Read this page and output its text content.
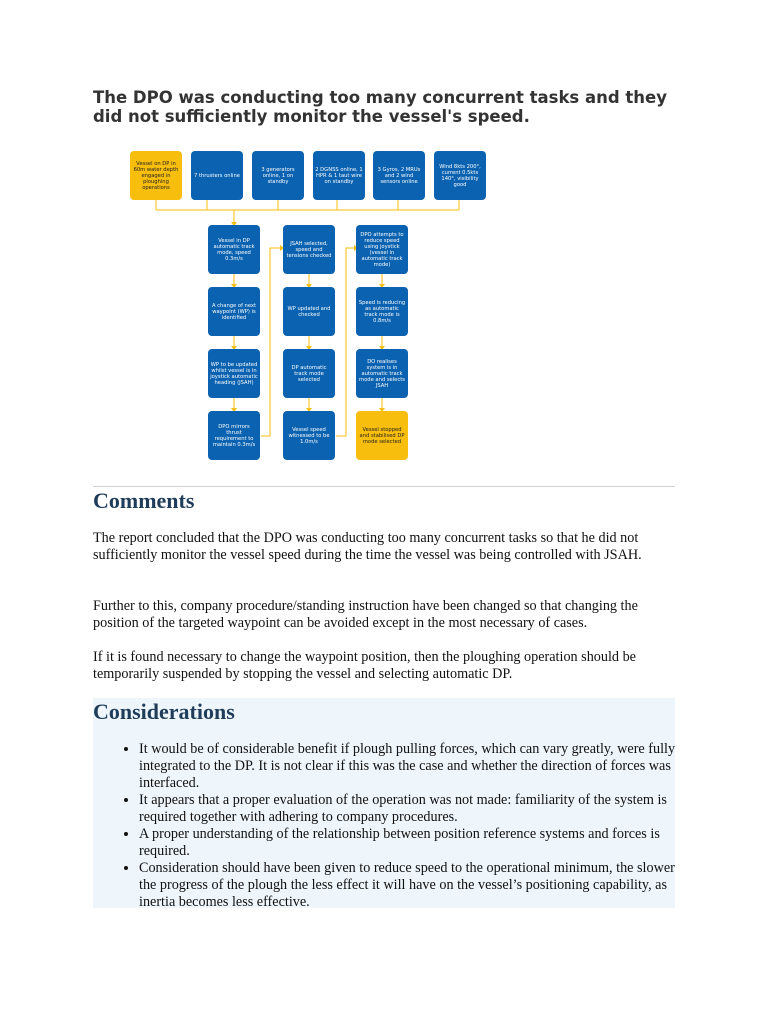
The DPO was conducting too many concurrent tasks and they did not sufficiently monitor the vessel's speed.
Vessel on DP in 60m water depth engaged in ploughing operations
7 thrusters online
3 generators online, 1 on standby
2 DGNSS online, 1 HPR & 1 taut wire on standby
3 Gyros, 2 MRUs and 2 wind sensors online
Wind 8kts 200°, current 0.5kts 140°, visibility good
Vessel in DP automatic track mode, speed 0.3m/s
A change of next waypoint (WP) is identified
WP to be updated whilst vessel is in joystick automatic heading (JSAH)
DPO mirrors thrust requirement to maintain 0.3m/s
JSAH selected, speed and tensions checked
WP updated and checked
DP automatic track mode selected
Vessel speed witnessed to be 1.0m/s
DPO attempts to reduce speed using joystick (vessel in automatic track mode)
Speed is reducing as automatic track mode is 0.8m/s
DO realises system is in automatic track mode and selects JSAH
Vessel stopped and stabilised DP mode selected
Comments

The report concluded that the DPO was conducting too many concurrent tasks so that he did not sufficiently monitor the vessel speed during the time the vessel was being controlled with JSAH.

Further to this, company procedure/standing instruction have been changed so that changing the position of the targeted waypoint can be avoided except in the most necessary of cases.

If it is found necessary to change the waypoint position, then the ploughing operation should be temporarily suspended by stopping the vessel and selecting automatic DP.

Considerations
• It would be of considerable benefit if plough pulling forces, which can vary greatly, were fully integrated to the DP. It is not clear if this was the case and whether the direction of forces was interfaced.
• It appears that a proper evaluation of the operation was not made: familiarity of the system is required together with adhering to company procedures.
• A proper understanding of the relationship between position reference systems and forces is required.
• Consideration should have been given to reduce speed to the operational minimum, the slower the progress of the plough the less effect it will have on the vessel’s positioning capability, as inertia becomes less effective.
